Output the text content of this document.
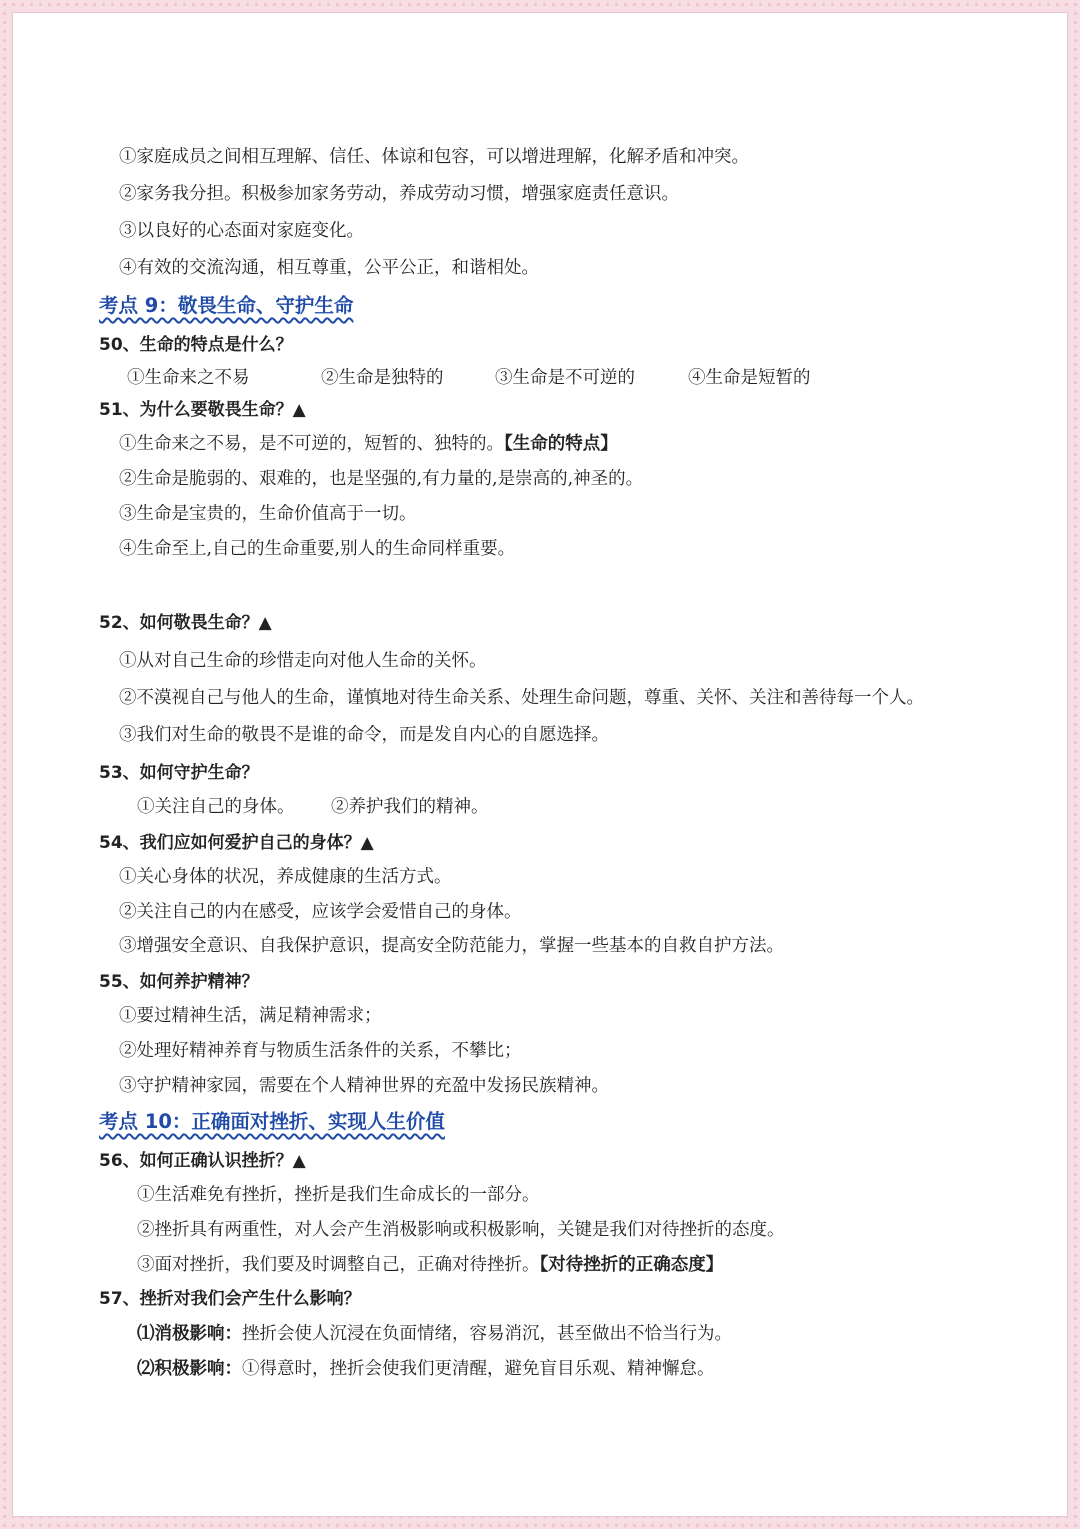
①家庭成员之间相互理解、信任、体谅和包容，可以增进理解，化解矛盾和冲突。
②家务我分担。积极参加家务劳动，养成劳动习惯，增强家庭责任意识。
③以良好的心态面对家庭变化。
④有效的交流沟通，相互尊重，公平公正，和谐相处。
考点 9：敬畏生命、守护生命
50、生命的特点是什么？
①生命来之不易	②生命是独特的	③生命是不可逆的	④生命是短暂的
51、为什么要敬畏生命？▲
①生命来之不易，是不可逆的，短暂的、独特的。【生命的特点】
②生命是脆弱的、艰难的，也是坚强的,有力量的,是崇高的,神圣的。
③生命是宝贵的，生命价值高于一切。
④生命至上,自己的生命重要,别人的生命同样重要。
52、如何敬畏生命？▲
①从对自己生命的珍惜走向对他人生命的关怀。
②不漠视自己与他人的生命，谨慎地对待生命关系、处理生命问题，尊重、关怀、关注和善待每一个人。
③我们对生命的敬畏不是谁的命令，而是发自内心的自愿选择。
53、如何守护生命？
①关注自己的身体。 ②养护我们的精神。
54、我们应如何爱护自己的身体？▲
①关心身体的状况，养成健康的生活方式。
②关注自己的内在感受，应该学会爱惜自己的身体。
③增强安全意识、自我保护意识，提高安全防范能力，掌握一些基本的自救自护方法。
55、如何养护精神？
①要过精神生活，满足精神需求；
②处理好精神养育与物质生活条件的关系，不攀比；
③守护精神家园，需要在个人精神世界的充盈中发扬民族精神。
考点 10：正确面对挫折、实现人生价值
56、如何正确认识挫折？▲
①生活难免有挫折，挫折是我们生命成长的一部分。
②挫折具有两重性，对人会产生消极影响或积极影响，关键是我们对待挫折的态度。
③面对挫折，我们要及时调整自己，正确对待挫折。【对待挫折的正确态度】
57、挫折对我们会产生什么影响？
⑴消极影响：挫折会使人沉浸在负面情绪，容易消沉，甚至做出不恰当行为。
⑵积极影响：①得意时，挫折会使我们更清醒，避免盲目乐观、精神懈怠。
